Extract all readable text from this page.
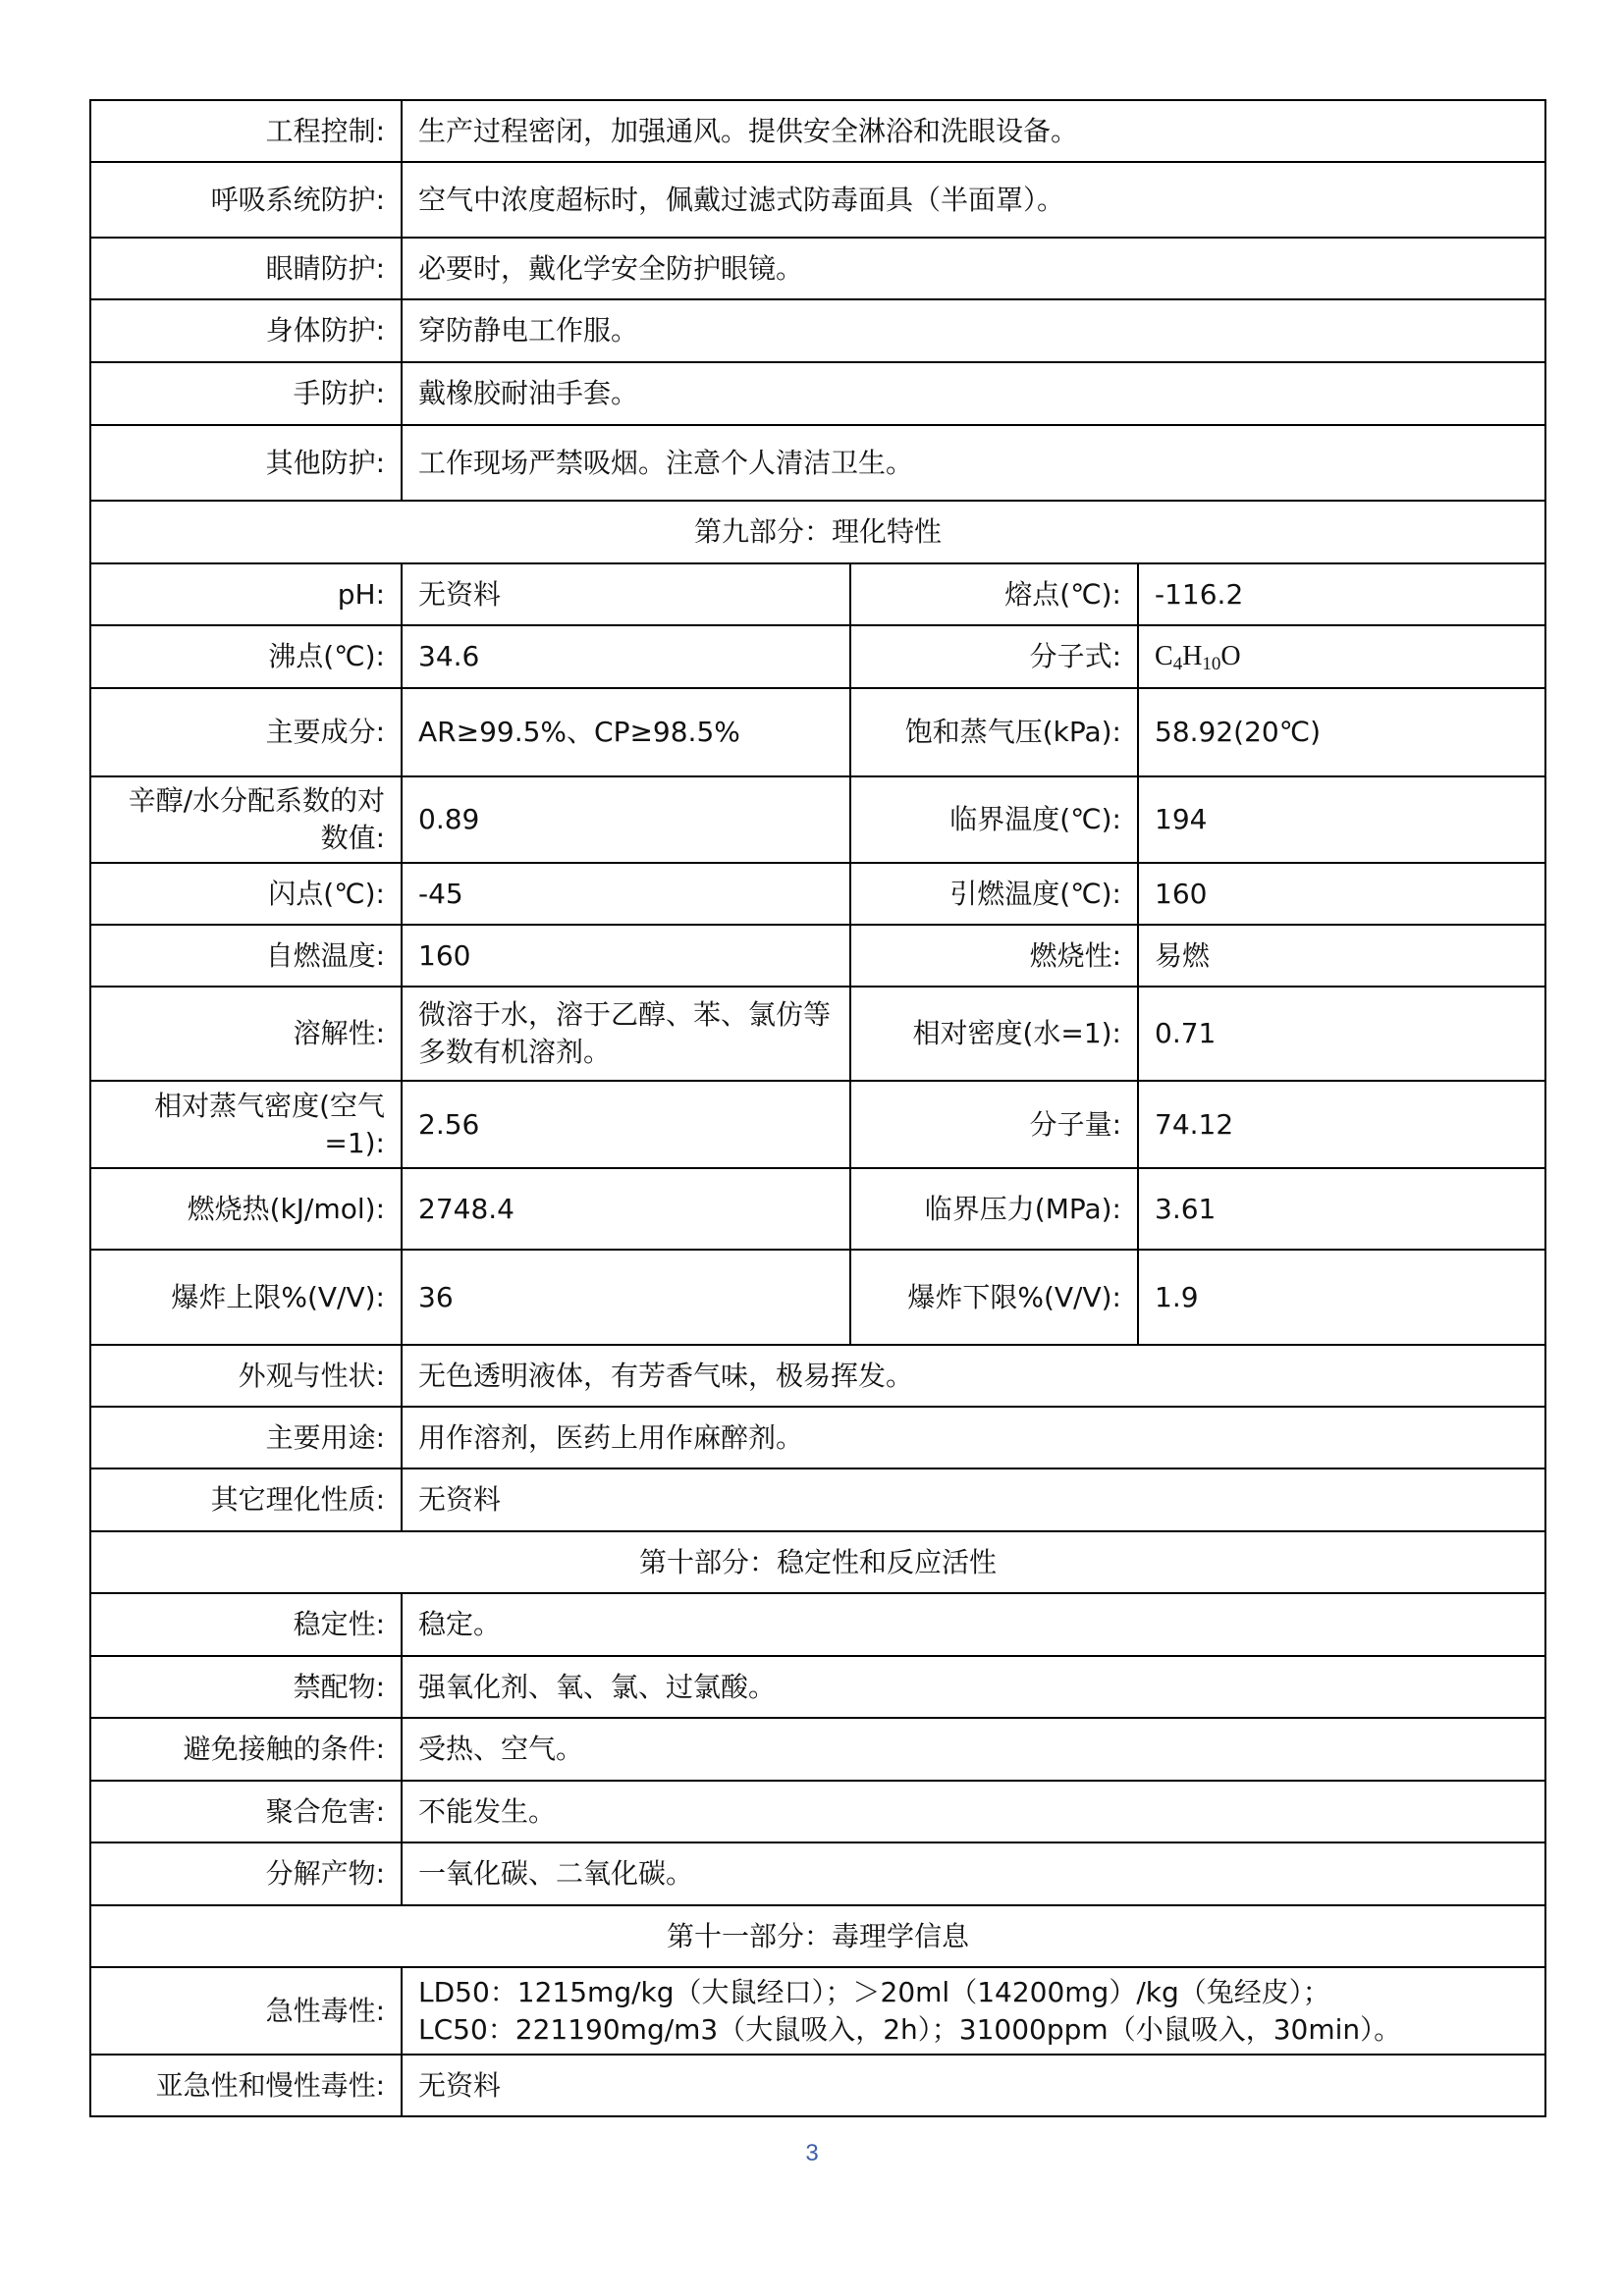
工程控制:	生产过程密闭，加强通风。提供安全淋浴和洗眼设备。		
呼吸系统防护:	空气中浓度超标时，佩戴过滤式防毒面具（半面罩）。		
眼睛防护:	必要时，戴化学安全防护眼镜。		
身体防护:	穿防静电工作服。		
手防护:	戴橡胶耐油手套。		
其他防护:	工作现场严禁吸烟。注意个人清洁卫生。		
第九部分：理化特性			
pH:	无资料	熔点(℃):	-116.2
沸点(℃):	34.6	分子式:	$C_4H_{10}O$
主要成分:	AR≥99.5%、CP≥98.5%	饱和蒸气压(kPa):	58.92(20℃)
辛醇/水分配系数的对数值:	0.89	临界温度(℃):	194
闪点(℃):	-45	引燃温度(℃):	160
自燃温度:	160	燃烧性:	易燃
溶解性:	微溶于水，溶于乙醇、苯、氯仿等多数有机溶剂。	相对密度(水=1):	0.71
相对蒸气密度(空气=1):	2.56	分子量:	74.12
燃烧热(kJ/mol):	2748.4	临界压力(MPa):	3.61
爆炸上限%(V/V):	36	爆炸下限%(V/V):	1.9
外观与性状:	无色透明液体，有芳香气味，极易挥发。		
主要用途:	用作溶剂，医药上用作麻醉剂。		
其它理化性质:	无资料		
第十部分：稳定性和反应活性			
稳定性:	稳定。		
禁配物:	强氧化剂、氧、氯、过氯酸。		
避免接触的条件:	受热、空气。		
聚合危害:	不能发生。		
分解产物:	一氧化碳、二氧化碳。		
第十一部分：毒理学信息			
急性毒性:	LD50：1215mg/kg（大鼠经口）；＞20ml（14200mg）/kg（兔经皮）；
LC50：221190mg/m3（大鼠吸入，2h）；31000ppm（小鼠吸入，30min）。		

亚急性和慢性毒性:	无资料		
3
